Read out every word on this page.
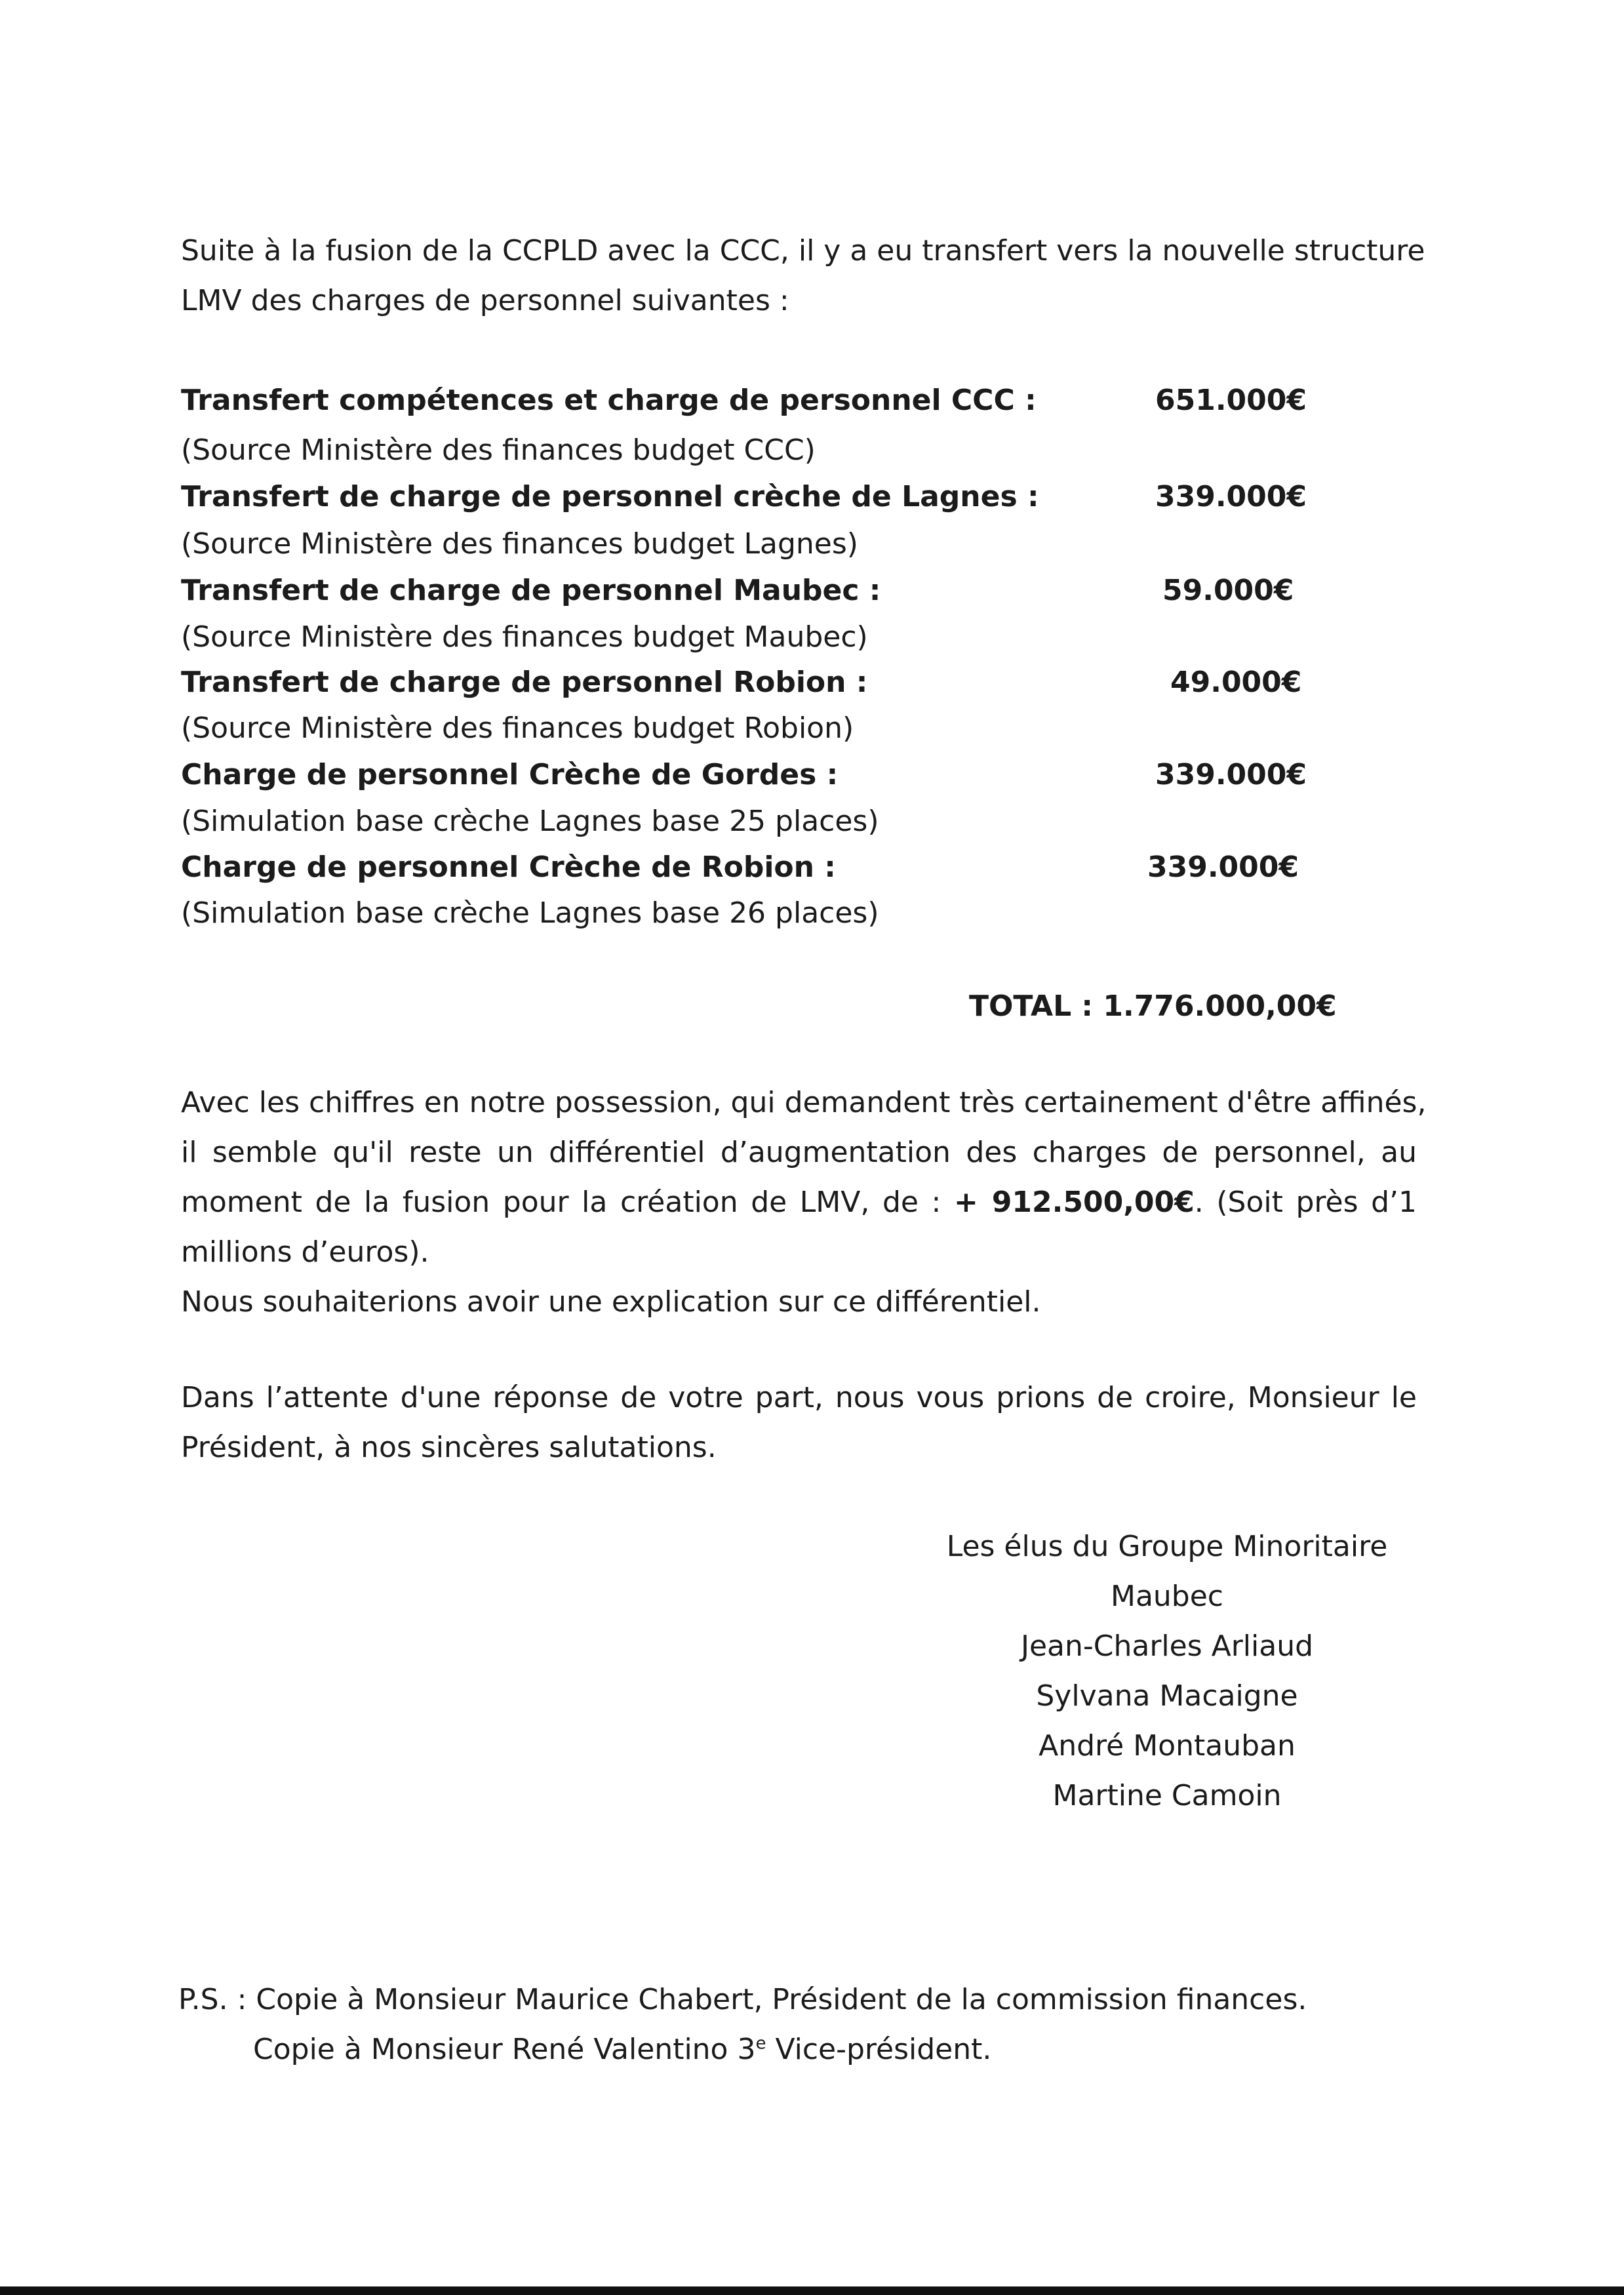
Suite à la fusion de la CCPLD avec la CCC, il y a eu transfert vers la nouvelle structure
LMV des charges de personnel suivantes :
Transfert compétences et charge de personnel CCC :	651.000€
(Source Ministère des finances budget CCC)
Transfert de charge de personnel crèche de Lagnes :	339.000€
(Source Ministère des finances budget Lagnes)
Transfert de charge de personnel Maubec :	59.000€
(Source Ministère des finances budget Maubec)
Transfert de charge de personnel Robion :	49.000€
(Source Ministère des finances budget Robion)
Charge de personnel Crèche de Gordes :	339.000€
(Simulation base crèche Lagnes base 25 places)
Charge de personnel Crèche de Robion :	339.000€
(Simulation base crèche Lagnes base 26 places)
TOTAL : 1.776.000,00€
Avec les chiffres en notre possession, qui demandent très certainement d'être affinés,
il semble qu'il reste un différentiel d’augmentation des charges de personnel, au
moment de la fusion pour la création de LMV, de : + 912.500,00€. (Soit près d’1
millions d’euros).
Nous souhaiterions avoir une explication sur ce différentiel.
Dans l’attente d'une réponse de votre part, nous vous prions de croire, Monsieur le
Président, à nos sincères salutations.
Les élus du Groupe Minoritaire
Maubec
Jean-Charles Arliaud
Sylvana Macaigne
André Montauban
Martine Camoin
P.S. : Copie à Monsieur Maurice Chabert, Président de la commission finances.
Copie à Monsieur René Valentino 3e Vice-président.
